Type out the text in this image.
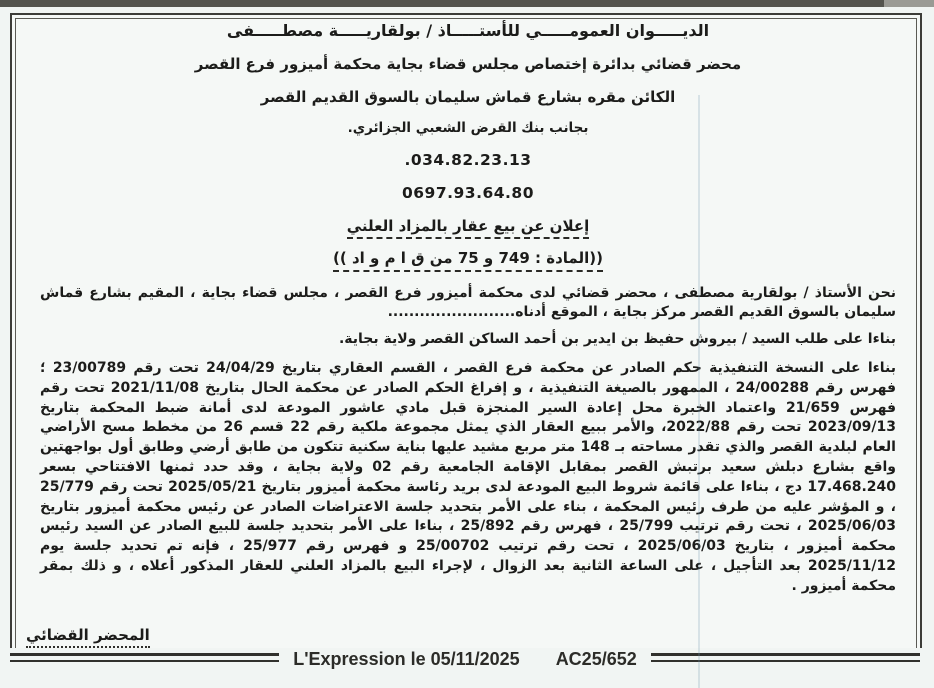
الديـــــوان العمومـــــي للأستـــــاذ / بولقاريـــــة مصطـــــفى
محضر قضائي بدائرة إختصاص مجلس قضاء بجاية محكمة أميزور فرع القصر
الكائن مقره بشارع قماش سليمان بالسوق القديم القصر
بجانب بنك القرض الشعبي الجزائري.
.034.82.23.13
0697.93.64.80
إعلان عن بيع عقار بالمزاد العلني
((المادة : 749 و 75 من ق ا م و اد ))

نحن الأستاذ / بولقارية مصطفى ، محضر قضائي لدى محكمة أميزور فرع القصر ، مجلس قضاء بجاية ، المقيم بشارع قماش سليمان بالسوق القديم القصر مركز بجاية ، الموقع أدناه........................

بناءا على طلب السيد / بيروش حفيظ بن ايدير بن أحمد الساكن القصر ولاية بجاية.

بناءا على النسخة التنفيذية حكم الصادر عن محكمة فرع القصر ، القسم العقاري بتاريخ 24/04/29 تحت رقم 23/00789 ؛ فهرس رقم 24/00288 ، الممهور بالصيغة التنفيذية ، و إفراغ الحكم الصادر عن محكمة الحال بتاريخ 2021/11/08 تحت رقم فهرس 21/659 واعتماد الخبرة محل إعادة السير المنجزة قبل مادي عاشور المودعة لدى أمانة ضبط المحكمة بتاريخ 2023/09/13 تحت رقم 2022/88، والأمر ببيع العقار الذي يمثل مجموعة ملكية رقم 22 قسم 26 من مخطط مسح الأراضي العام لبلدية القصر والذي تقدر مساحته بـ 148 متر مربع مشيد عليها بناية سكنية تتكون من طابق أرضي وطابق أول بواجهتين واقع بشارع دبلش سعيد برتبش القصر بمقابل الإقامة الجامعية رقم 02 ولاية بجاية ، وقد حدد ثمنها الافتتاحي بسعر 17.468.240 دج ، بناءا على قائمة شروط البيع المودعة لدى بريد رئاسة محكمة أميزور بتاريخ 2025/05/21 تحت رقم 25/779 ، و المؤشر عليه من طرف رئيس المحكمة ، بناء على الأمر بتحديد جلسة الاعتراضات الصادر عن رئيس محكمة أميزور بتاريخ 2025/06/03 ، تحت رقم ترتيب 25/799 ، فهرس رقم 25/892 ، بناءا على الأمر بتحديد جلسة للبيع الصادر عن السيد رئيس محكمة أميزور ، بتاريخ 2025/06/03 ، تحت رقم ترتيب 25/00702 و فهرس رقم 25/977 ، فإنه تم تحديد جلسة يوم 2025/11/12 بعد التأجيل ، على الساعة الثانية بعد الزوال ، لإجراء البيع بالمزاد العلني للعقار المذكور أعلاه ، و ذلك بمقر محكمة أميزور .

المحضر القضائي
L'Expression le 05/11/2025 AC25/652
